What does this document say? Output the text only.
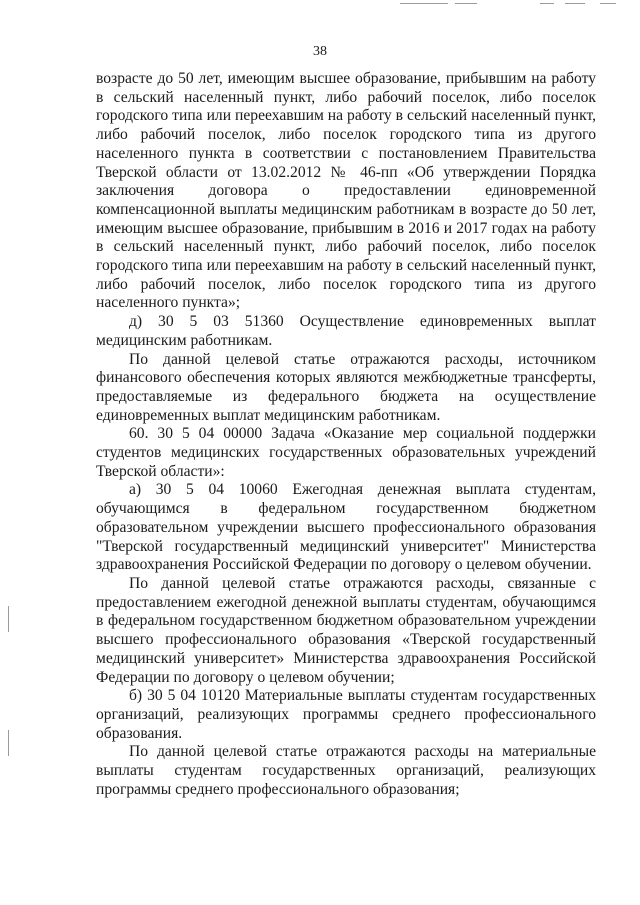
38

возрасте до 50 лет, имеющим высшее образование, прибывшим на работу в сельский населенный пункт, либо рабочий поселок, либо поселок городского типа или переехавшим на работу в сельский населенный пункт, либо рабочий поселок, либо поселок городского типа из другого населенного пункта в соответствии с постановлением Правительства Тверской области от 13.02.2012 № 46-пп «Об утверждении Порядка заключения договора о предоставлении единовременной компенсационной выплаты медицинским работникам в возрасте до 50 лет, имеющим высшее образование, прибывшим в 2016 и 2017 годах на работу в сельский населенный пункт, либо рабочий поселок, либо поселок городского типа или переехавшим на работу в сельский населенный пункт, либо рабочий поселок, либо поселок городского типа из другого населенного пункта»;

д) 30 5 03 51360 Осуществление единовременных выплат медицинским работникам.

По данной целевой статье отражаются расходы, источником финансового обеспечения которых являются межбюджетные трансферты, предоставляемые из федерального бюджета на осуществление единовременных выплат медицинским работникам.

60. 30 5 04 00000 Задача «Оказание мер социальной поддержки студентов медицинских государственных образовательных учреждений Тверской области»:

а) 30 5 04 10060 Ежегодная денежная выплата студентам, обучающимся в федеральном государственном бюджетном образовательном учреждении высшего профессионального образования "Тверской государственный медицинский университет" Министерства здравоохранения Российской Федерации по договору о целевом обучении.

По данной целевой статье отражаются расходы, связанные с предоставлением ежегодной денежной выплаты студентам, обучающимся в федеральном государственном бюджетном образовательном учреждении высшего профессионального образования «Тверской государственный медицинский университет» Министерства здравоохранения Российской Федерации по договору о целевом обучении;

б) 30 5 04 10120 Материальные выплаты студентам государственных организаций, реализующих программы среднего профессионального образования.

По данной целевой статье отражаются расходы на материальные выплаты студентам государственных организаций, реализующих программы среднего профессионального образования;
